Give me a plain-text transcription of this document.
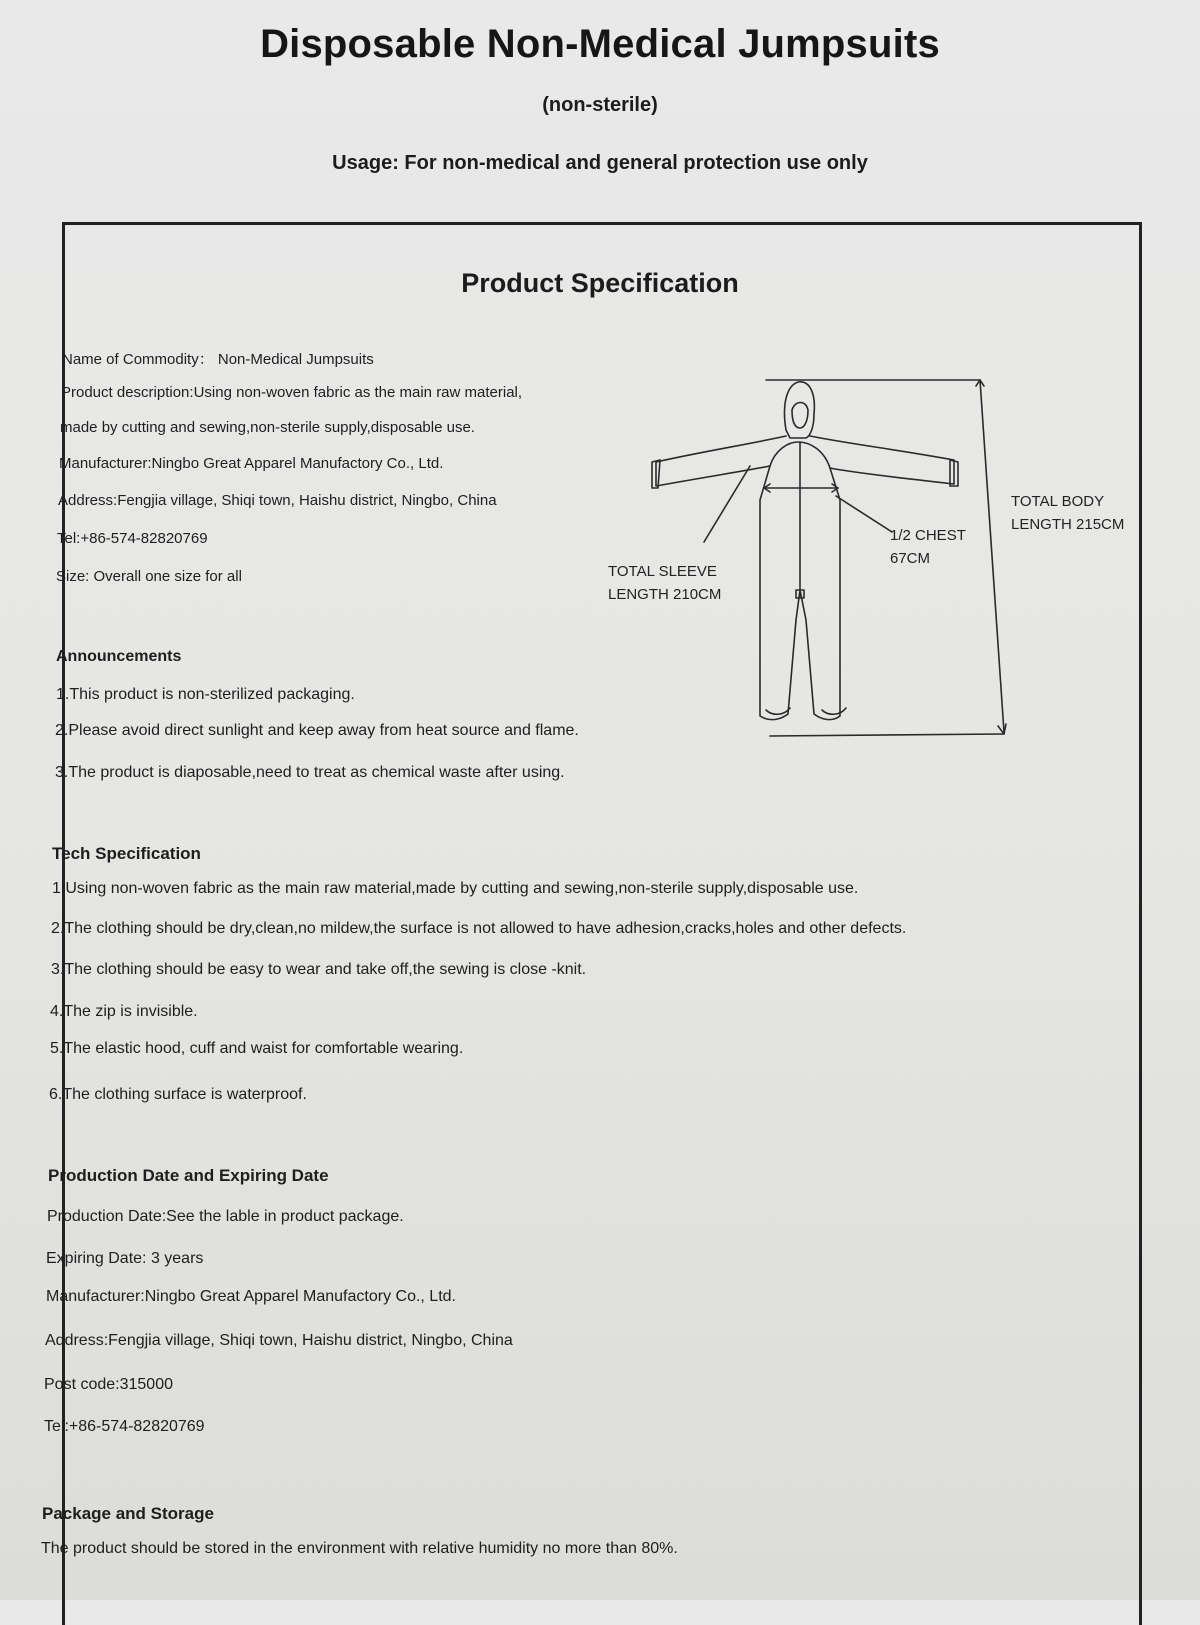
Disposable Non-Medical Jumpsuits
(non-sterile)
Usage: For non-medical and general protection use only
Product Specification
Name of Commodity： Non-Medical Jumpsuits
Product description:Using non-woven fabric as the main raw material,
made by cutting and sewing,non-sterile supply,disposable use.
Manufacturer:Ningbo Great Apparel Manufactory Co., Ltd.
Address:Fengjia village, Shiqi town, Haishu district, Ningbo, China
Tel:+86-574-82820769
Size: Overall one size for all	TOTAL SLEEVE
LENGTH 210CM
1/2 CHEST
67CM
TOTAL BODY
LENGTH 215CM
Announcements
1.This product is non-sterilized packaging.
2.Please avoid direct sunlight and keep away from heat source and flame.
3.The product is diaposable,need to treat as chemical waste after using.
Tech Specification
1.Using non-woven fabric as the main raw material,made by cutting and sewing,non-sterile supply,disposable use.
2.The clothing should be dry,clean,no mildew,the surface is not allowed to have adhesion,cracks,holes and other defects.
3.The clothing should be easy to wear and take off,the sewing is close -knit.
4.The zip is invisible.
5.The elastic hood, cuff and waist for comfortable wearing.
6.The clothing surface is waterproof.
Production Date and Expiring Date
Production Date:See the lable in product package.
Expiring Date: 3 years
Manufacturer:Ningbo Great Apparel Manufactory Co., Ltd.
Address:Fengjia village, Shiqi town, Haishu district, Ningbo, China
Post code:315000
Tel:+86-574-82820769
Package and Storage
The product should be stored in the environment with relative humidity no more than 80%.
